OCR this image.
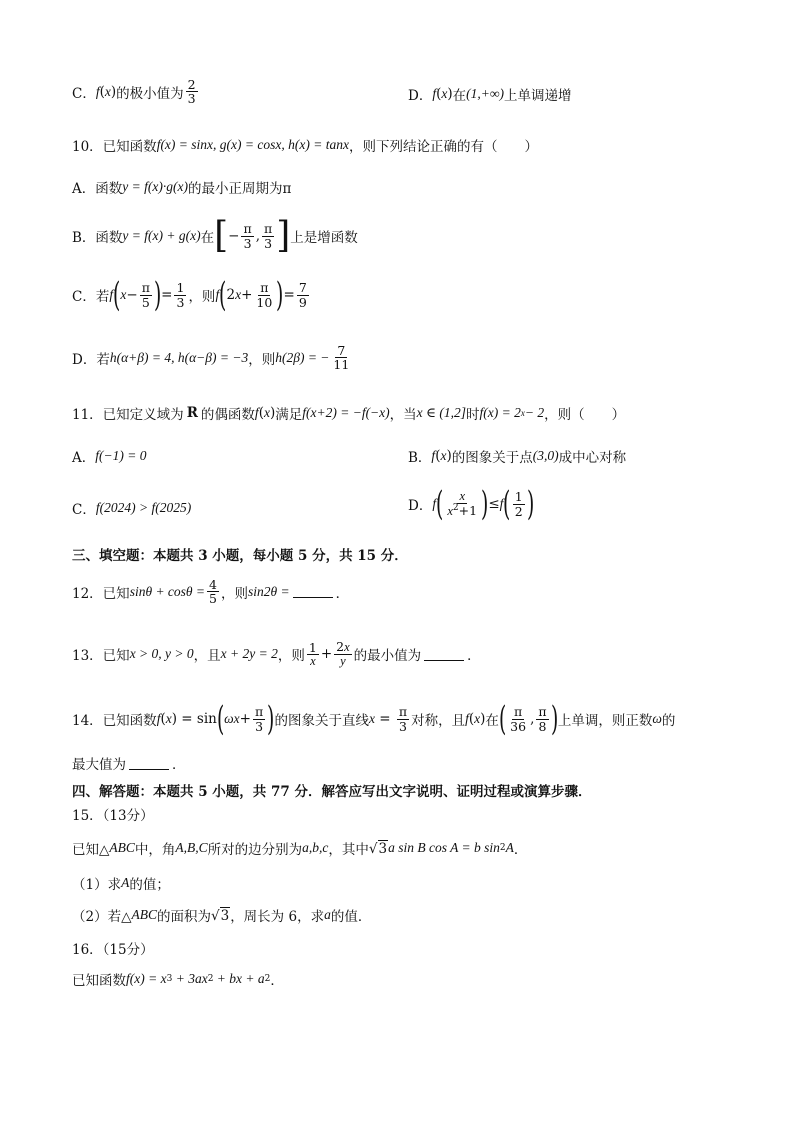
C． f ( x ) 的极小值为 $\frac{2}{3}$	D． f ( x ) 在 (1,+∞) 上单调递增
10．已知函数 f(x) = sinx, g(x) = cosx, h(x) = tanx ，则下列结论正确的有（　　）
A．函数 y = f(x)·g(x) 的最小正周期为π
B．函数 y = f(x) + g(x) 在 [ − $\frac{\pi}{3}$ , $\frac{\pi}{3}$ ] 上是增函数
C．若 f ( $x - \frac{\pi}{5}$ ) = $\frac{1}{3}$ ，则 f ( 2 $x + \frac{\pi}{10}$ ) = $\frac{7}{9}$
D．若 h(α+β) = 4, h(α−β) = −3 ，则 h(2β) = − $\frac{7}{11}$
11．已知定义域为 R 的偶函数 f ( x ) 满足 f(x+2) = −f(−x) ，当 x ∈ (1,2] 时 f(x) = 2 x − 2 ，则（　　）
A． f(−1) = 0	B． f ( x ) 的图象关于点 (3,0) 成中心对称
C． f(2024) > f(2025)	D． f ( $\frac{x}{x^2+1}$ ) ≤ f ( $\frac{1}{2}$ )
三、填空题：本题共 3 小题，每小题 5 分，共 15 分．
12．已知 $\sin\theta + \cos\theta = \frac{4}{5}$ ，则 sin2θ =	．
13．已知 x > 0, y > 0 ，且 x + 2y = 2 ，则 $\frac{1}{x} + \frac{2x}{y}$ 的最小值为	．
14．已知函数 f ( x ) = sin ( $\omega x + \frac{\pi}{3}$ ) 的图象关于直线 $x = \frac{\pi}{3}$ 对称，且 f ( x ) 在 ( $\frac{\pi}{36}$ , $\frac{\pi}{8}$ ) 上单调，则正数 ω 的
最大值为	．
四、解答题：本题共 5 小题，共 77 分．解答应写出文字说明、证明过程或演算步骤．
15．（13分）
已知△ ABC 中，角 A,B,C 所对的边分别为 a,b,c ，其中 √ 3 a sin B cos A = b sin 2 A ．
（1）求 A 的值；
（2）若△ ABC 的面积为 √ 3 ，周长为 6，求 a 的值．
16．（15分）
已知函数 f(x) = x 3 + 3ax 2 + bx + a 2 ．
